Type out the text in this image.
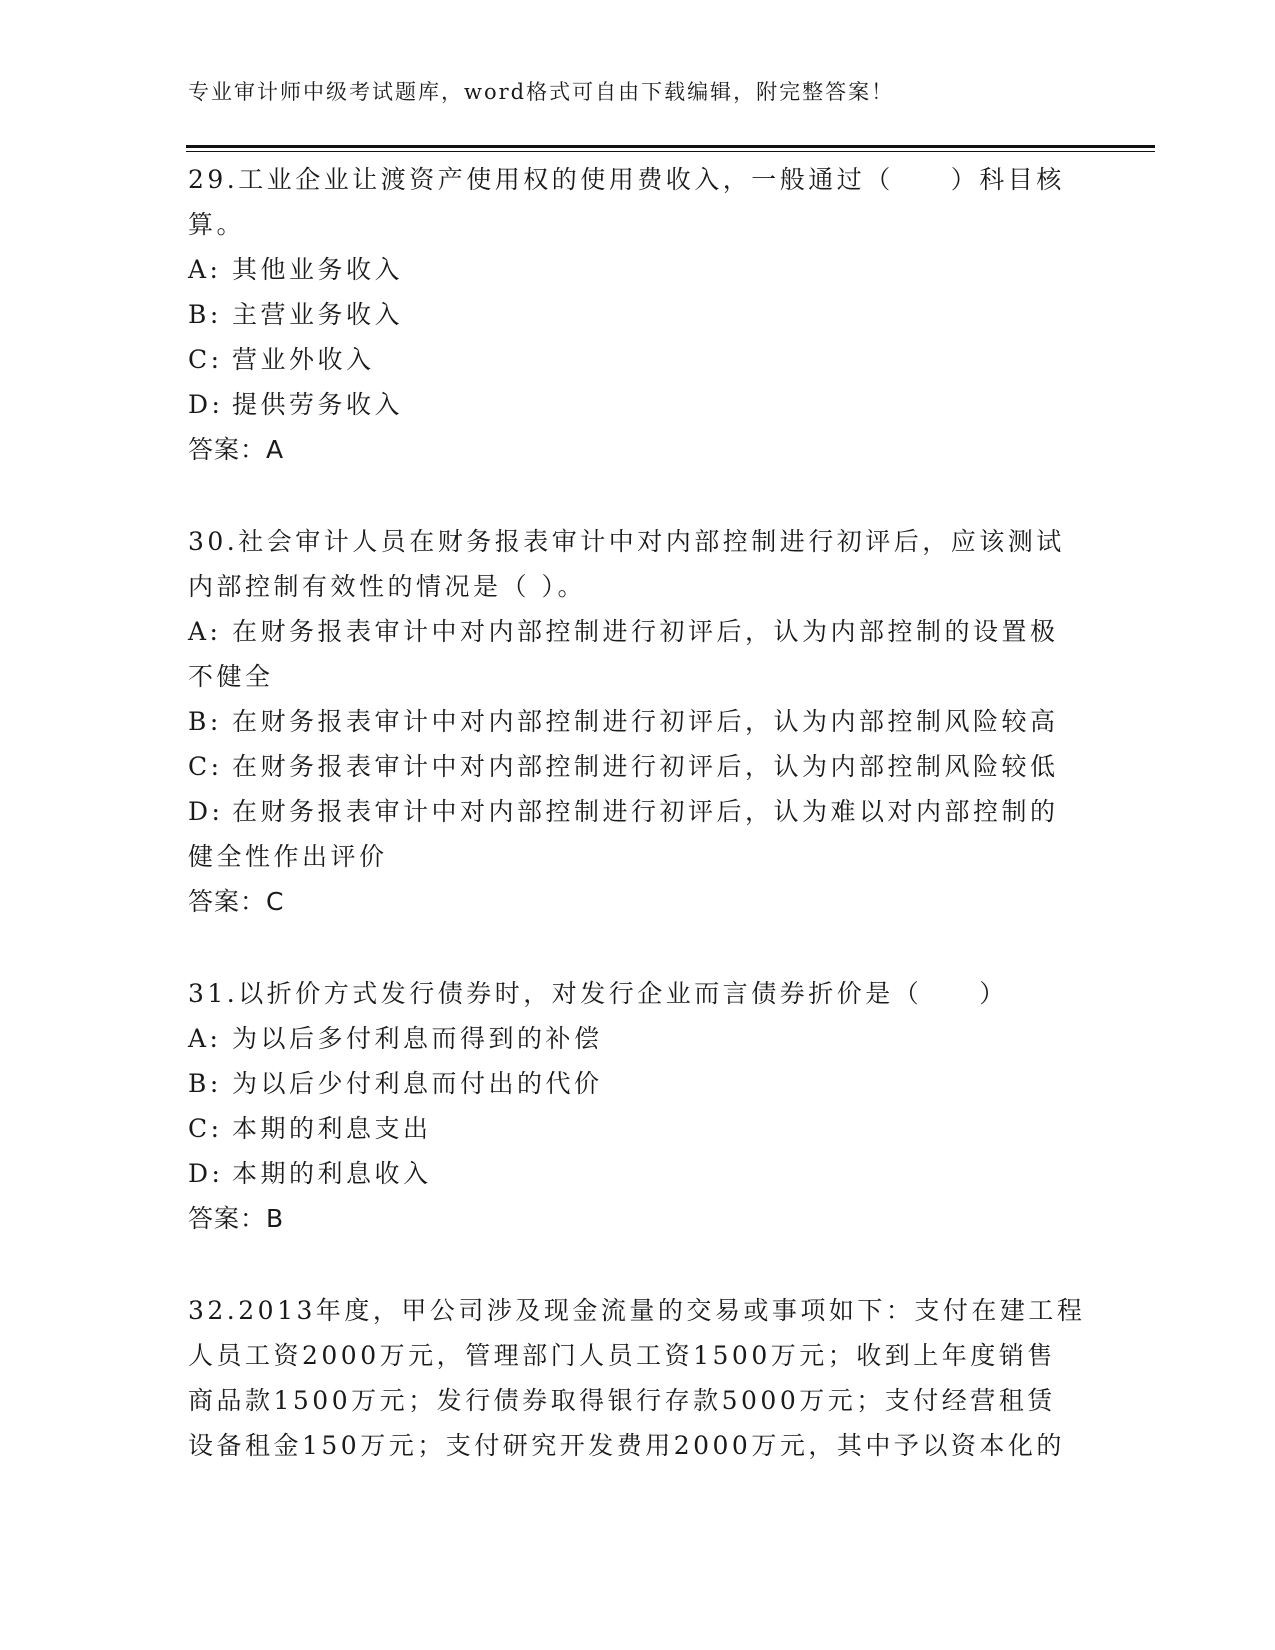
专业审计师中级考试题库，word格式可自由下载编辑，附完整答案！
29.工业企业让渡资产使用权的使用费收入，一般通过（　　）科目核
算。
A: 其他业务收入
B: 主营业务收入
C: 营业外收入
D: 提供劳务收入
答案：A
30.社会审计人员在财务报表审计中对内部控制进行初评后，应该测试
内部控制有效性的情况是（ ）。
A: 在财务报表审计中对内部控制进行初评后，认为内部控制的设置极
不健全
B: 在财务报表审计中对内部控制进行初评后，认为内部控制风险较高
C: 在财务报表审计中对内部控制进行初评后，认为内部控制风险较低
D: 在财务报表审计中对内部控制进行初评后，认为难以对内部控制的
健全性作出评价
答案：C
31.以折价方式发行债券时，对发行企业而言债券折价是（　　）
A: 为以后多付利息而得到的补偿
B: 为以后少付利息而付出的代价
C: 本期的利息支出
D: 本期的利息收入
答案：B
32.2013年度，甲公司涉及现金流量的交易或事项如下：支付在建工程
人员工资2000万元，管理部门人员工资1500万元；收到上年度销售
商品款1500万元；发行债券取得银行存款5000万元；支付经营租赁
设备租金150万元；支付研究开发费用2000万元，其中予以资本化的
